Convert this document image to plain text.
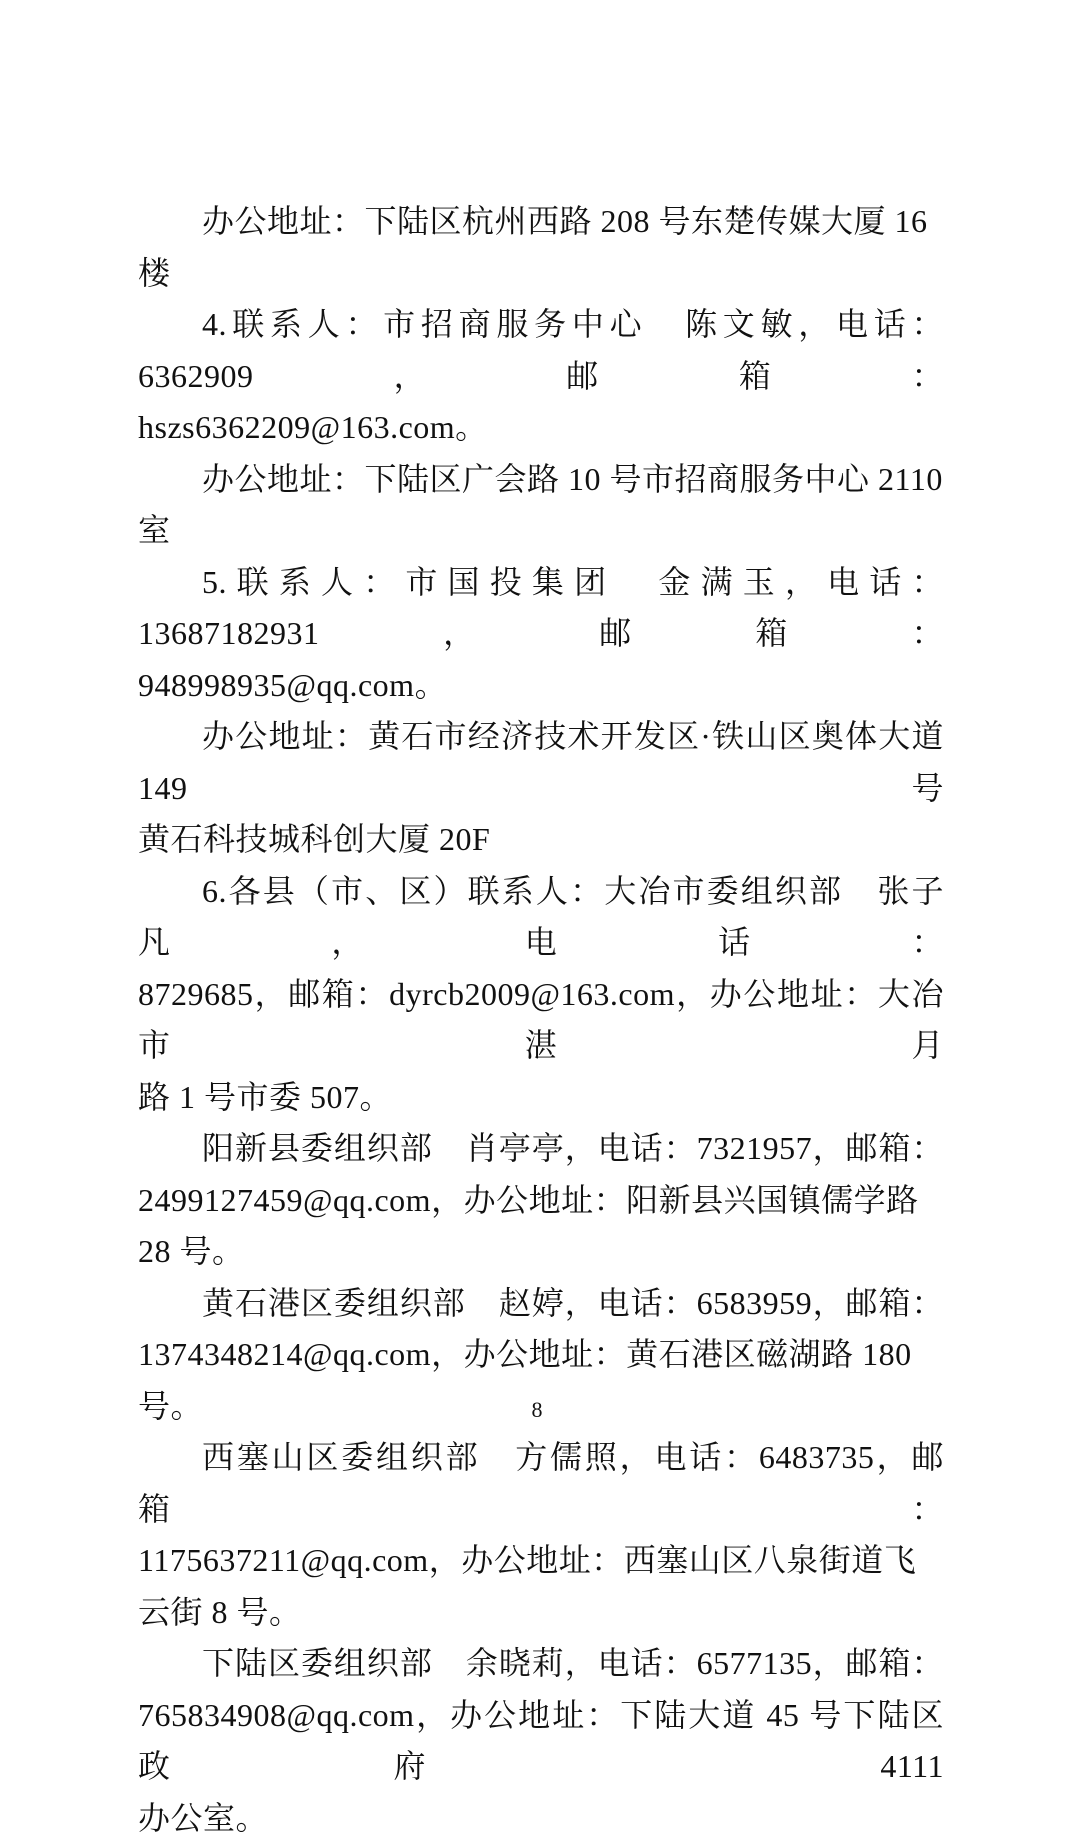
办公地址：下陆区杭州西路 208 号东楚传媒大厦 16 楼
4.联系人：市招商服务中心　陈文敏，电话：6362909，邮箱：
hszs6362209@163.com。
办公地址：下陆区广会路 10 号市招商服务中心 2110 室
5.联系人：市国投集团　金满玉，电话：13687182931，邮箱：
948998935@qq.com。
办公地址：黄石市经济技术开发区·铁山区奥体大道 149 号
黄石科技城科创大厦 20F
6.各县（市、区）联系人：大冶市委组织部　张子凡，电话：
8729685，邮箱：dyrcb2009@163.com，办公地址：大冶市湛月
路 1 号市委 507。
阳新县委组织部　肖亭亭，电话：7321957，邮箱：
2499127459@qq.com，办公地址：阳新县兴国镇儒学路 28 号。
黄石港区委组织部　赵婷，电话：6583959，邮箱：
1374348214@qq.com，办公地址：黄石港区磁湖路 180 号。
西塞山区委组织部　方儒照，电话：6483735，邮箱：
1175637211@qq.com，办公地址：西塞山区八泉街道飞云街 8 号。
下陆区委组织部　余晓莉，电话：6577135，邮箱：
765834908@qq.com，办公地址：下陆大道 45 号下陆区政府 4111
办公室。
8
